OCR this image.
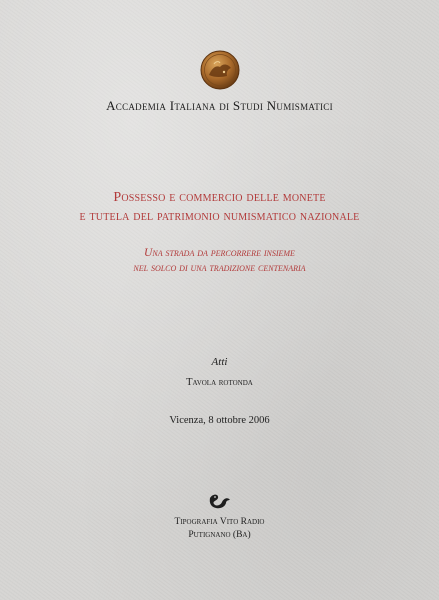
Accademia Italiana di Studi Numismatici
Possesso e commercio delle monete
e tutela del patrimonio numismatico nazionale
Una strada da percorrere insieme
nel solco di una tradizione centenaria
Atti
Tavola rotonda
Vicenza, 8 ottobre 2006
Tipografia Vito Radio
Putignano (Ba)
